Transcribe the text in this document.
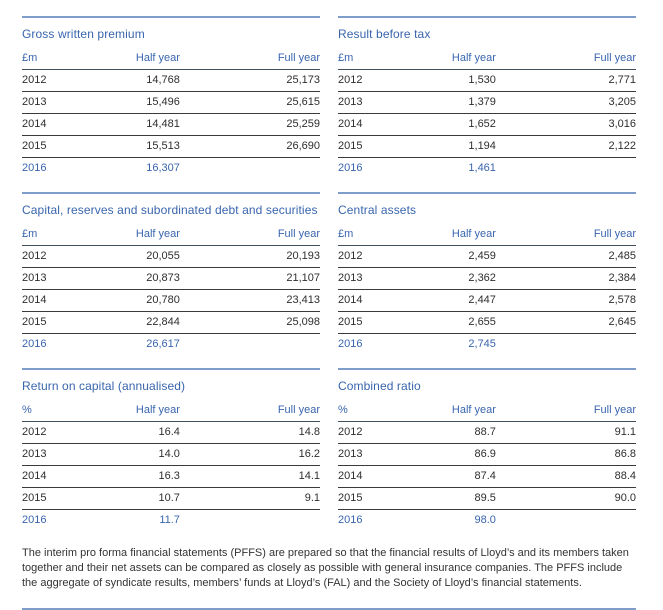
Gross written premium
£m	Half year	Full year
2012	14,768	25,173
2013	15,496	25,615
2014	14,481	25,259
2015	15,513	26,690
2016	16,307	
Result before tax
£m	Half year	Full year
2012	1,530	2,771
2013	1,379	3,205
2014	1,652	3,016
2015	1,194	2,122
2016	1,461	
Capital, reserves and subordinated debt and securities
£m	Half year	Full year
2012	20,055	20,193
2013	20,873	21,107
2014	20,780	23,413
2015	22,844	25,098
2016	26,617	
Central assets
£m	Half year	Full year
2012	2,459	2,485
2013	2,362	2,384
2014	2,447	2,578
2015	2,655	2,645
2016	2,745	
Return on capital (annualised)
%	Half year	Full year
2012	16.4	14.8
2013	14.0	16.2
2014	16.3	14.1
2015	10.7	9.1
2016	11.7	
Combined ratio
%	Half year	Full year
2012	88.7	91.1
2013	86.9	86.8
2014	87.4	88.4
2015	89.5	90.0
2016	98.0	

The interim pro forma financial statements (PFFS) are prepared so that the financial results of Lloyd’s and its members taken together and their net assets can be compared as closely as possible with general insurance companies. The PFFS include the aggregate of syndicate results, members’ funds at Lloyd’s (FAL) and the Society of Lloyd’s financial statements.
